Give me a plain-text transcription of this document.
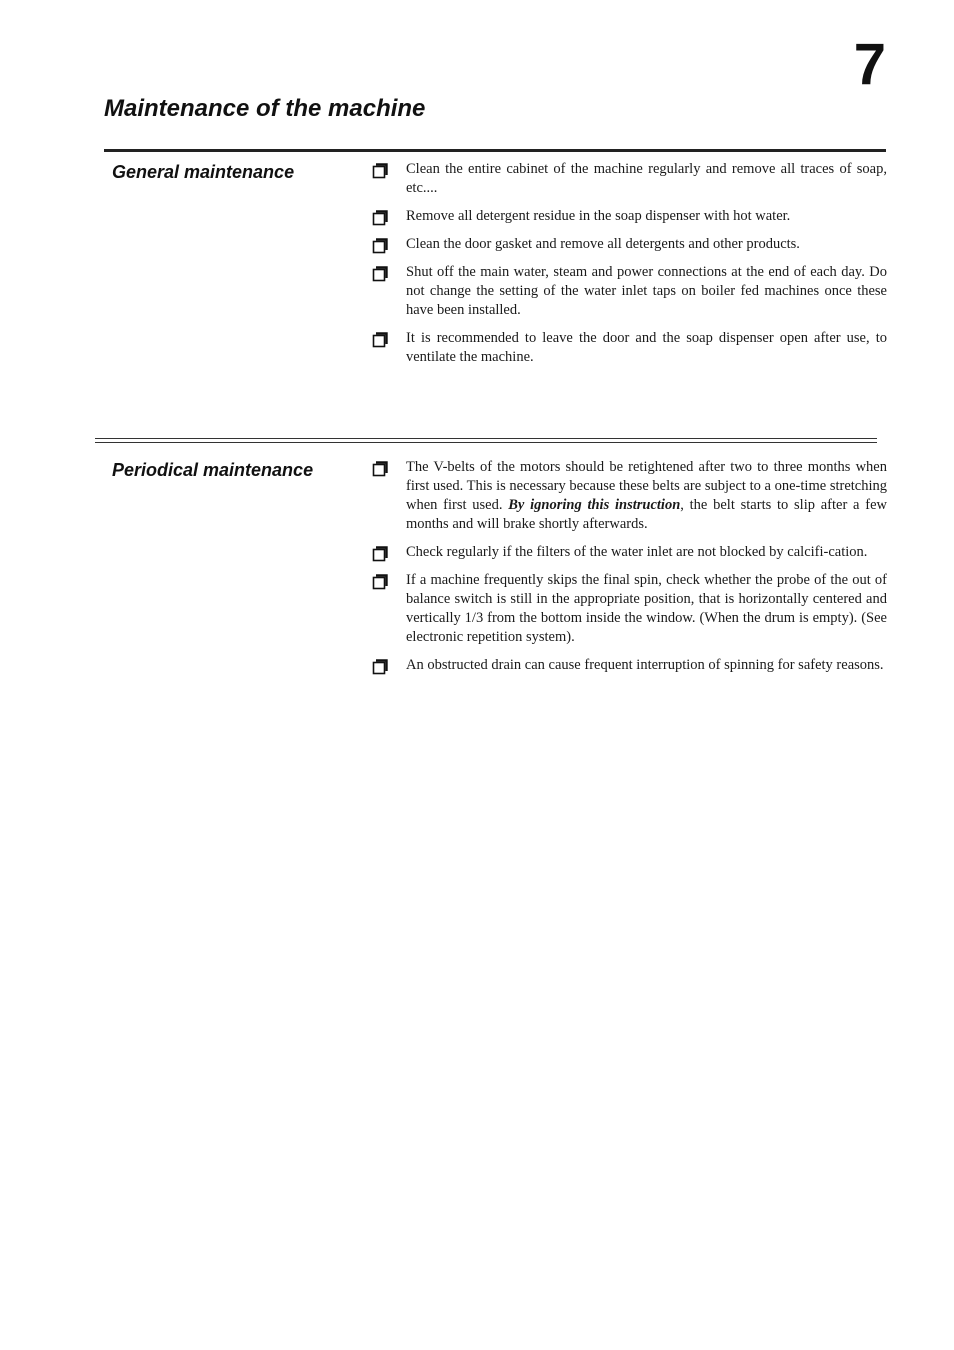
7
Maintenance of the machine
General maintenance	Clean the entire cabinet of the machine regularly and remove all traces of soap, etc....
Remove all detergent residue in the soap dispenser with hot water.
Clean the door gasket and remove all detergents and other products.
Shut off the main water, steam and power connections at the end of each day. Do not change the setting of the water inlet taps on boiler fed machines once these have been installed.
It is recommended to leave the door and the soap dispenser open after use, to ventilate the machine.
Periodical maintenance	The V-belts of the motors should be retightened after two to three months when first used. This is necessary because these belts are subject to a one-time stretching when first used. By ignoring this instruction, the belt starts to slip after a few months and will brake shortly afterwards.
Check regularly if the filters of the water inlet are not blocked by calcifi-cation.
If a machine frequently skips the final spin, check whether the probe of the out of balance switch is still in the appropriate position, that is horizontally centered and vertically 1/3 from the bottom inside the window. (When the drum is empty). (See electronic repetition system).
An obstructed drain can cause frequent interruption of spinning for safety reasons.
